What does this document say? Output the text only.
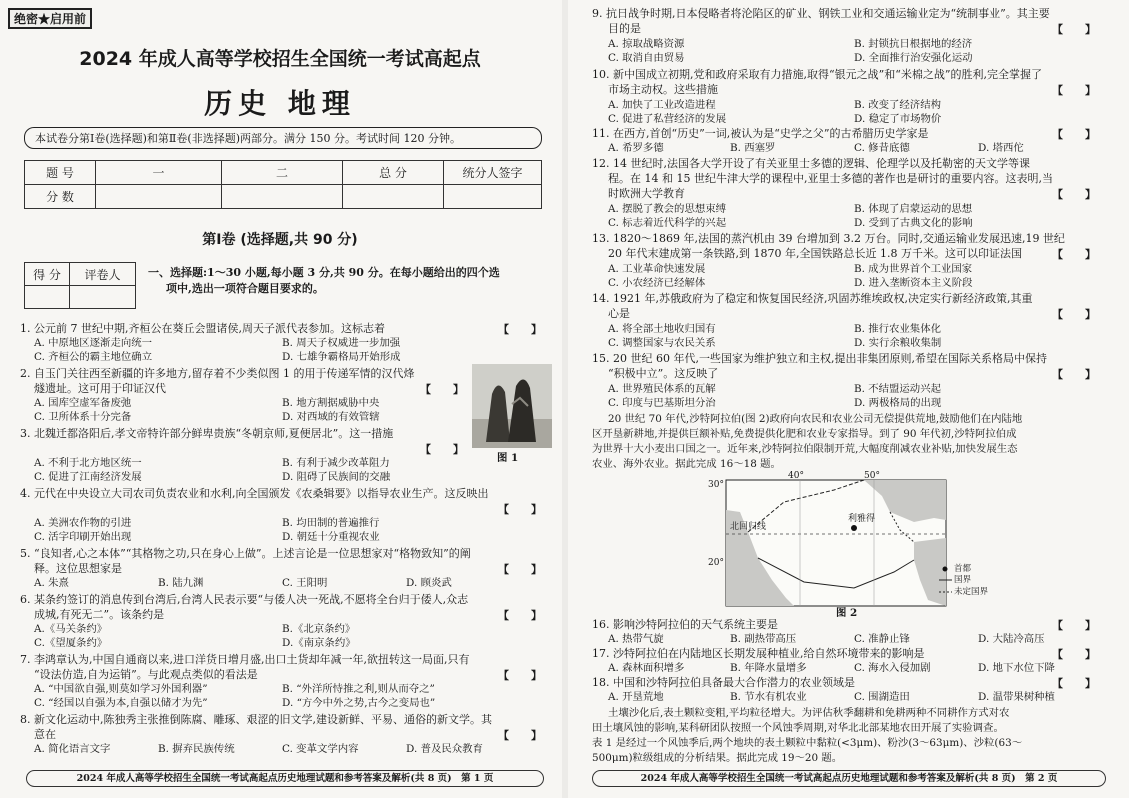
绝密★启用前
2024 年成人高等学校招生全国统一考试高起点
历史 地理
本试卷分第Ⅰ卷(选择题)和第Ⅱ卷(非选择题)两部分。满分 150 分。考试时间 120 分钟。
题 号	一	二	总 分	统分人签字
分 数				
第Ⅰ卷 (选择题,共 90 分)
得 分	评卷人
		一、选择题:1～30 小题,每小题 3 分,共 90 分。在每小题给出的四个选
项中,选出一项符合题目要求的。
1. 公元前 7 世纪中期,齐桓公在葵丘会盟诸侯,周天子派代表参加。这标志着	【　　】
A. 中原地区逐渐走向统一	B. 周天子权威进一步加强
C. 齐桓公的霸主地位确立	D. 七雄争霸格局开始形成
2. 自玉门关往西至新疆的许多地方,留存着不少类似图 1 的用于传递军情的汉代烽
燧遗址。这可用于印证汉代	【　　】
A. 国库空虚军备废弛	B. 地方割据威胁中央
C. 卫所体系十分完备	D. 对西域的有效管辖
图 1
3. 北魏迁都洛阳后,孝文帝特许部分鲜卑贵族“冬朝京师,夏便居北”。这一措施
【　　】
A. 不利于北方地区统一	B. 有利于减少改革阻力
C. 促进了江南经济发展	D. 阻碍了民族间的交融
4. 元代在中央设立大司农司负责农业和水利,向全国颁发《农桑辑要》以指导农业生产。这反映出
【　　】
A. 美洲农作物的引进	B. 均田制的普遍推行
C. 活字印刷开始出现	D. 朝廷十分重视农业
5. “良知者,心之本体”“其格物之功,只在身心上做”。上述言论是一位思想家对“格物致知”的阐
释。这位思想家是	【　　】
A. 朱熹	B. 陆九渊	C. 王阳明	D. 顾炎武
6. 某条约签订的消息传到台湾后,台湾人民表示要“与倭人决一死战,不愿将全台归于倭人,众志
成城,有死无二”。该条约是	【　　】
A.《马关条约》	B.《北京条约》
C.《望厦条约》	D.《南京条约》
7. 李鸿章认为,中国自通商以来,进口洋货日增月盛,出口土货却年减一年,欲扭转这一局面,只有
“设法仿造,自为运销”。与此观点类似的看法是	【　　】
A. “中国欲自强,则莫如学习外国利器”	B. “外洋所恃推之利,则从而夺之”
C. “经国以自强为本,自强以储才为先”	D. “方今中外之势,古今之变局也”
8. 新文化运动中,陈独秀主张推倒陈腐、雕琢、艰涩的旧文学,建设新鲜、平易、通俗的新文学。其
意在	【　　】
A. 简化语言文字	B. 摒弃民族传统	C. 变革文学内容	D. 普及民众教育
2024 年成人高等学校招生全国统一考试高起点历史地理试题和参考答案及解析(共 8 页)　第 1 页
9. 抗日战争时期,日本侵略者将沦陷区的矿业、钢铁工业和交通运输业定为“统制事业”。其主要
目的是	【　　】
A. 掠取战略资源	B. 封锁抗日根据地的经济
C. 取消自由贸易	D. 全面推行治安强化运动
10. 新中国成立初期,党和政府采取有力措施,取得“银元之战”和“米棉之战”的胜利,完全掌握了
市场主动权。这些措施	【　　】
A. 加快了工业改造进程	B. 改变了经济结构
C. 促进了私营经济的发展	D. 稳定了市场物价
11. 在西方,首创“历史”一词,被认为是“史学之父”的古希腊历史学家是	【　　】
A. 希罗多德	B. 西塞罗	C. 修昔底德	D. 塔西佗
12. 14 世纪时,法国各大学开设了有关亚里士多德的逻辑、伦理学以及托勒密的天文学等课
程。在 14 和 15 世纪牛津大学的课程中,亚里士多德的著作也是研讨的重要内容。这表明,当
时欧洲大学教育	【　　】
A. 摆脱了教会的思想束缚	B. 体现了启蒙运动的思想
C. 标志着近代科学的兴起	D. 受到了古典文化的影响
13. 1820～1869 年,法国的蒸汽机由 39 台增加到 3.2 万台。同时,交通运输业发展迅速,19 世纪
20 年代末建成第一条铁路,到 1870 年,全国铁路总长近 1.8 万千米。这可以印证法国	【　　】
A. 工业革命快速发展	B. 成为世界首个工业国家
C. 小农经济已经解体	D. 进入垄断资本主义阶段
14. 1921 年,苏俄政府为了稳定和恢复国民经济,巩固苏维埃政权,决定实行新经济政策,其重
心是	【　　】
A. 将全部土地收归国有	B. 推行农业集体化
C. 调整国家与农民关系	D. 实行余粮收集制
15. 20 世纪 60 年代,一些国家为维护独立和主权,提出非集团原则,希望在国际关系格局中保持
“积极中立”。这反映了	【　　】
A. 世界殖民体系的瓦解	B. 不结盟运动兴起
C. 印度与巴基斯坦分治	D. 两极格局的出现
20 世纪 70 年代,沙特阿拉伯(图 2)政府向农民和农业公司无偿提供荒地,鼓励他们在内陆地
区开垦新耕地,并提供巨额补贴,免费提供化肥和农业专家指导。到了 90 年代初,沙特阿拉伯成
为世界十大小麦出口国之一。近年来,沙特阿拉伯限制开荒,大幅度削减农业补贴,加快发展生态
农业、海外农业。据此完成 16～18 题。
40°	50°
30°
20°
北回归线
利雅得
首都
国界
未定国界
图 2
16. 影响沙特阿拉伯的天气系统主要是	【　　】
A. 热带气旋	B. 副热带高压	C. 准静止锋	D. 大陆冷高压
17. 沙特阿拉伯在内陆地区长期发展种植业,给自然环境带来的影响是	【　　】
A. 森林面积增多	B. 年降水量增多	C. 海水入侵加剧	D. 地下水位下降
18. 中国和沙特阿拉伯具备最大合作潜力的农业领域是	【　　】
A. 开垦荒地	B. 节水有机农业	C. 围湖造田	D. 温带果树种植
土壤沙化后,表土颗粒变粗,平均粒径增大。为评估秋季翻耕和免耕两种不同耕作方式对农
田土壤风蚀的影响,某科研团队按照一个风蚀季周期,对华北北部某地农田开展了实验调查。
表 1 是经过一个风蚀季后,两个地块的表土颗粒中黏粒(<3μm)、粉沙(3～63μm)、沙粒(63～
500μm)粒级组成的分析结果。据此完成 19～20 题。
2024 年成人高等学校招生全国统一考试高起点历史地理试题和参考答案及解析(共 8 页)　第 2 页
